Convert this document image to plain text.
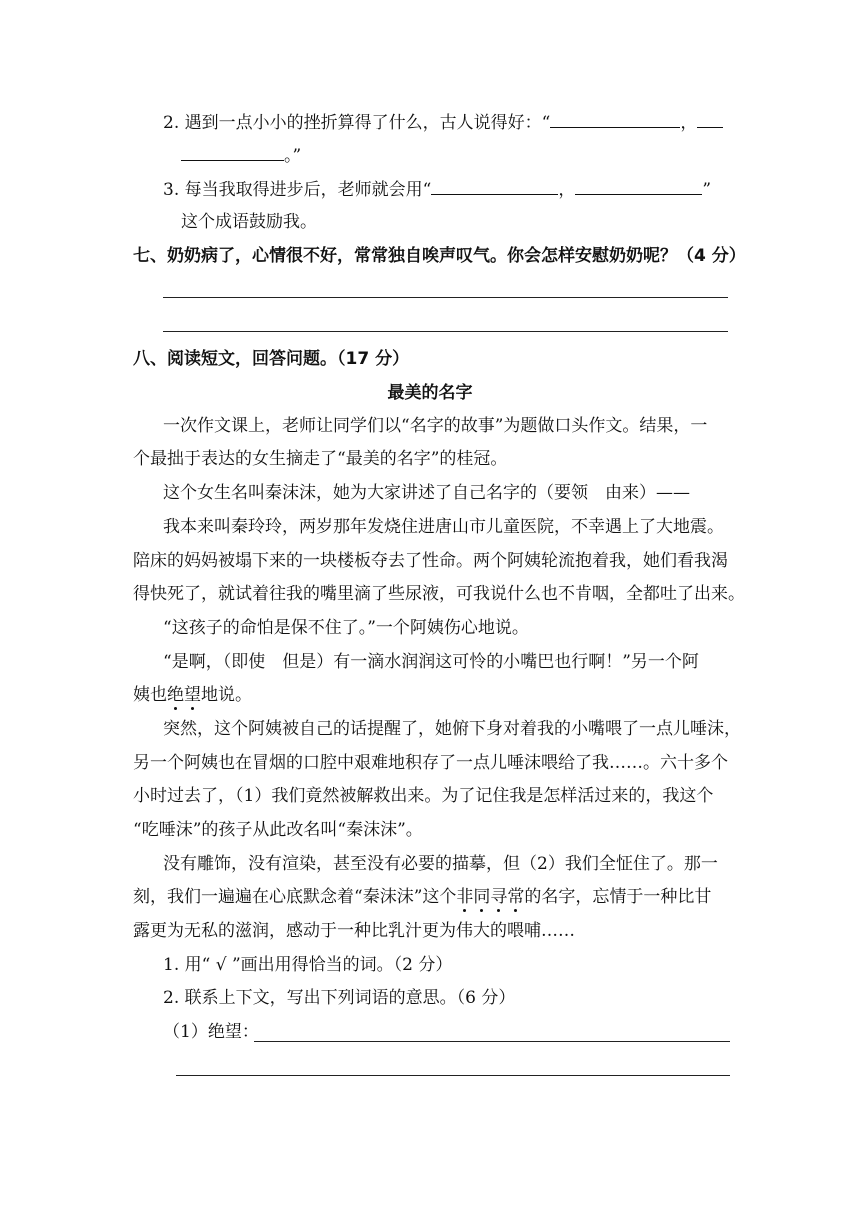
2. 遇到一点小小的挫折算得了什么，古人说得好：“	，
。”
3. 每当我取得进步后，老师就会用“	，	”
这个成语鼓励我。
七、奶奶病了，心情很不好，常常独自唉声叹气。你会怎样安慰奶奶呢？（4 分）
八、阅读短文，回答问题。（17 分）
最美的名字
一次作文课上，老师让同学们以“名字的故事”为题做口头作文。结果，一
个最拙于表达的女生摘走了“最美的名字”的桂冠。
这个女生名叫秦沫沫，她为大家讲述了自己名字的（要领　由来）——
我本来叫秦玲玲，两岁那年发烧住进唐山市儿童医院，不幸遇上了大地震。
陪床的妈妈被塌下来的一块楼板夺去了性命。两个阿姨轮流抱着我，她们看我渴
得快死了，就试着往我的嘴里滴了些尿液，可我说什么也不肯咽，全都吐了出来。
“这孩子的命怕是保不住了。”一个阿姨伤心地说。
“是啊，（即使　但是）有一滴水润润这可怜的小嘴巴也行啊！”另一个阿
姨也绝望地说。
突然，这个阿姨被自己的话提醒了，她俯下身对着我的小嘴喂了一点儿唾沫，
另一个阿姨也在冒烟的口腔中艰难地积存了一点儿唾沫喂给了我……。六十多个
小时过去了，（1）我们竟然被解救出来。为了记住我是怎样活过来的，我这个
“吃唾沫”的孩子从此改名叫“秦沫沫”。
没有雕饰，没有渲染，甚至没有必要的描摹，但（2）我们全怔住了。那一
刻，我们一遍遍在心底默念着“秦沫沫”这个非同寻常的名字，忘情于一种比甘
露更为无私的滋润，感动于一种比乳汁更为伟大的喂哺……
1. 用“ √ ”画出用得恰当的词。（2 分）
2. 联系上下文，写出下列词语的意思。（6 分）
（1）绝望：
